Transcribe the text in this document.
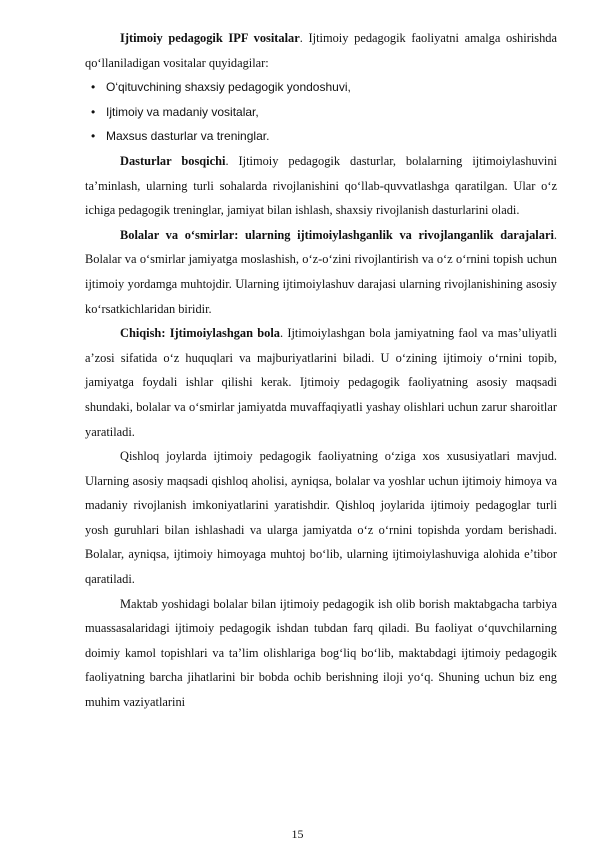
Ijtimoiy pedagogik IPF vositalar. Ijtimoiy pedagogik faoliyatni amalga oshirishda qo‘llaniladigan vositalar quyidagilar:

• O‘qituvchining shaxsiy pedagogik yondoshuvi,
• Ijtimoiy va madaniy vositalar,
• Maxsus dasturlar va treninglar.

Dasturlar bosqichi. Ijtimoiy pedagogik dasturlar, bolalarning ijtimoiylashuvini ta’minlash, ularning turli sohalarda rivojlanishini qo‘llab-quvvatlashga qaratilgan. Ular o‘z ichiga pedagogik treninglar, jamiyat bilan ishlash, shaxsiy rivojlanish dasturlarini oladi.

Bolalar va o‘smirlar: ularning ijtimoiylashganlik va rivojlanganlik darajalari. Bolalar va o‘smirlar jamiyatga moslashish, o‘z-o‘zini rivojlantirish va o‘z o‘rnini topish uchun ijtimoiy yordamga muhtojdir. Ularning ijtimoiylashuv darajasi ularning rivojlanishining asosiy ko‘rsatkichlaridan biridir.

Chiqish: Ijtimoiylashgan bola. Ijtimoiylashgan bola jamiyatning faol va mas’uliyatli a’zosi sifatida o‘z huquqlari va majburiyatlarini biladi. U o‘zining ijtimoiy o‘rnini topib, jamiyatga foydali ishlar qilishi kerak. Ijtimoiy pedagogik faoliyatning asosiy maqsadi shundaki, bolalar va o‘smirlar jamiyatda muvaffaqiyatli yashay olishlari uchun zarur sharoitlar yaratiladi.

Qishloq joylarda ijtimoiy pedagogik faoliyatning o‘ziga xos xususiyatlari mavjud. Ularning asosiy maqsadi qishloq aholisi, ayniqsa, bolalar va yoshlar uchun ijtimoiy himoya va madaniy rivojlanish imkoniyatlarini yaratishdir. Qishloq joylarida ijtimoiy pedagoglar turli yosh guruhlari bilan ishlashadi va ularga jamiyatda o‘z o‘rnini topishda yordam berishadi. Bolalar, ayniqsa, ijtimoiy himoyaga muhtoj bo‘lib, ularning ijtimoiylashuviga alohida e’tibor qaratiladi.

Maktab yoshidagi bolalar bilan ijtimoiy pedagogik ish olib borish maktabgacha tarbiya muassasalaridagi ijtimoiy pedagogik ishdan tubdan farq qiladi. Bu faoliyat o‘quvchilarning doimiy kamol topishlari va ta’lim olishlariga bog‘liq bo‘lib, maktabdagi ijtimoiy pedagogik faoliyatning barcha jihatlarini bir bobda ochib berishning iloji yo‘q. Shuning uchun biz eng muhim vaziyatlarini

15
